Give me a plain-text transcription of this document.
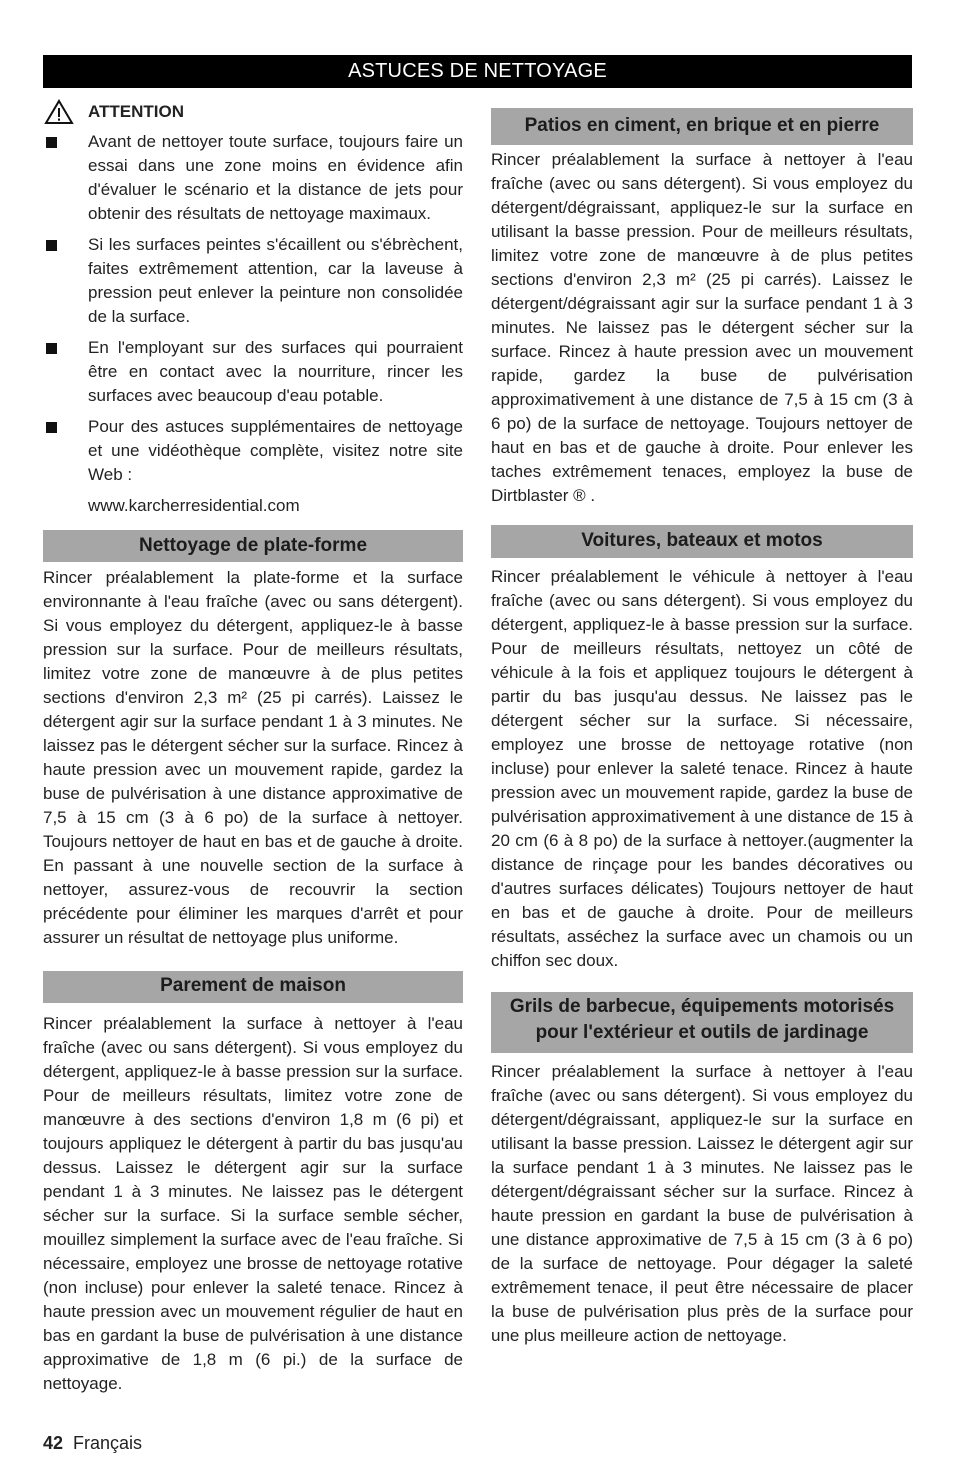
ASTUCES DE NETTOYAGE
ATTENTION
Avant de nettoyer toute surface, toujours faire un essai dans une zone moins en évidence afin d'évaluer le scénario et la distance de jets pour obtenir des résultats de nettoyage maximaux.
Si les surfaces peintes s'écaillent ou s'ébrèchent, faites extrêmement attention, car la laveuse à pression peut enlever la peinture non consolidée de la surface.
En l'employant sur des surfaces qui pourraient être en contact avec la nourriture, rincer les surfaces avec beaucoup d'eau potable.
Pour des astuces supplémentaires de nettoyage et une vidéothèque complète, visitez notre site Web :
www.karcherresidential.com
Nettoyage de plate-forme

Rincer préalablement la plate-forme et la surface environnante à l'eau fraîche (avec ou sans détergent). Si vous employez du détergent, appliquez-le à basse pression sur la surface. Pour de meilleurs résultats, limitez votre zone de manœuvre à de plus petites sections d'environ 2,3 m² (25 pi carrés). Laissez le détergent agir sur la surface pendant 1 à 3 minutes. Ne laissez pas le détergent sécher sur la surface. Rincez à haute pression avec un mouvement rapide, gardez la buse de pulvérisation à une distance approximative de 7,5 à 15 cm (3 à 6 po) de la surface à nettoyer. Toujours nettoyer de haut en bas et de gauche à droite. En passant à une nouvelle section de la surface à nettoyer, assurez-vous de recouvrir la section précédente pour éliminer les marques d'arrêt et pour assurer un résultat de nettoyage plus uniforme.

Parement de maison

Rincer préalablement la surface à nettoyer à l'eau fraîche (avec ou sans détergent). Si vous employez du détergent, appliquez-le à basse pression sur la surface. Pour de meilleurs résultats, limitez votre zone de manœuvre à des sections d'environ 1,8 m (6 pi) et toujours appliquez le détergent à partir du bas jusqu'au dessus. Laissez le détergent agir sur la surface pendant 1 à 3 minutes. Ne laissez pas le détergent sécher sur la surface. Si la surface semble sécher, mouillez simplement la surface avec de l'eau fraîche. Si nécessaire, employez une brosse de nettoyage rotative (non incluse) pour enlever la saleté tenace. Rincez à haute pression avec un mouvement régulier de haut en bas en gardant la buse de pulvérisation à une distance approximative de 1,8 m (6 pi.) de la surface de nettoyage.

Patios en ciment, en brique et en pierre

Rincer préalablement la surface à nettoyer à l'eau fraîche (avec ou sans détergent). Si vous employez du détergent/dégraissant, appliquez-le sur la surface en utilisant la basse pression. Pour de meilleurs résultats, limitez votre zone de manœuvre à de plus petites sections d'environ 2,3 m² (25 pi carrés). Laissez le détergent/dégraissant agir sur la surface pendant 1 à 3 minutes. Ne laissez pas le détergent sécher sur la surface. Rincez à haute pression avec un mouvement rapide, gardez la buse de pulvérisation approximativement à une distance de 7,5 à 15 cm (3 à 6 po) de la surface de nettoyage. Toujours nettoyer de haut en bas et de gauche à droite. Pour enlever les taches extrêmement tenaces, employez la buse de Dirtblaster ® .

Voitures, bateaux et motos

Rincer préalablement le véhicule à nettoyer à l'eau fraîche (avec ou sans détergent). Si vous employez du détergent, appliquez-le à basse pression sur la surface. Pour de meilleurs résultats, nettoyez un côté de véhicule à la fois et appliquez toujours le détergent à partir du bas jusqu'au dessus. Ne laissez pas le détergent sécher sur la surface. Si nécessaire, employez une brosse de nettoyage rotative (non incluse) pour enlever la saleté tenace. Rincez à haute pression avec un mouvement rapide, gardez la buse de pulvérisation approximativement à une distance de 15 à 20 cm (6 à 8 po) de la surface à nettoyer.(augmenter la distance de rinçage pour les bandes décoratives ou d'autres surfaces délicates) Toujours nettoyer de haut en bas et de gauche à droite. Pour de meilleurs résultats, asséchez la surface avec un chamois ou un chiffon sec doux.

Grils de barbecue, équipements motorisés pour l'extérieur et outils de jardinage

Rincer préalablement la surface à nettoyer à l'eau fraîche (avec ou sans détergent). Si vous employez du détergent/dégraissant, appliquez-le sur la surface en utilisant la basse pression. Laissez le détergent agir sur la surface pendant 1 à 3 minutes. Ne laissez pas le détergent/dégraissant sécher sur la surface. Rincez à haute pression en gardant la buse de pulvérisation à une distance approximative de 7,5 à 15 cm (3 à 6 po) de la surface de nettoyage. Pour dégager la saleté extrêmement tenace, il peut être nécessaire de placer la buse de pulvérisation plus près de la surface pour une plus meilleure action de nettoyage.

42 Français
